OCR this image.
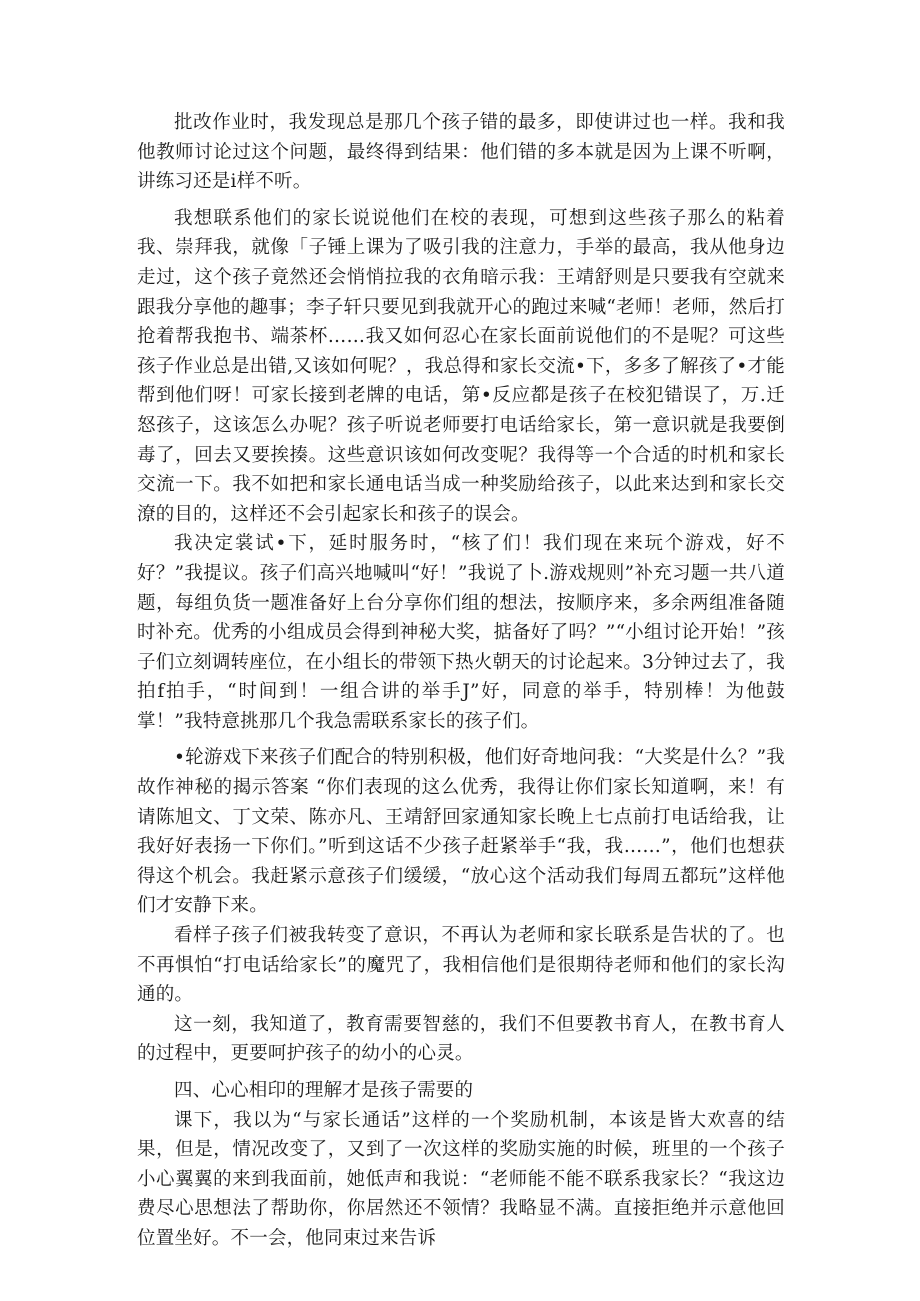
批改作业时，我发现总是那几个孩子错的最多，即使讲过也一样。我和我他教师讨论过这个问题，最终得到结果：他们错的多本就是因为上课不听啊，讲练习还是i样不听。

我想联系他们的家长说说他们在校的表现，可想到这些孩子那么的粘着我、崇拜我，就像「子锤上课为了吸引我的注意力，手举的最高，我从他身边走过，这个孩子竟然还会悄悄拉我的衣角暗示我：王靖舒则是只要我有空就来跟我分享他的趣事；李子轩只要见到我就开心的跑过来喊“老师！老师，然后打抢着帮我抱书、端茶杯……我又如何忍心在家长面前说他们的不是呢？可这些孩子作业总是出错,又该如何呢？，我总得和家长交流•下，多多了解孩了•才能帮到他们呀！可家长接到老牌的电话，第•反应都是孩子在校犯错误了，万.迁怒孩子，这该怎么办呢？孩子听说老师要打电话给家长，第一意识就是我要倒毒了，回去又要挨揍。这些意识该如何改变呢？我得等一个合适的时机和家长交流一下。我不如把和家长通电话当成一种奖励给孩子，以此来达到和家长交潦的目的，这样还不会引起家长和孩子的误会。

我决定裳试•下，延时服务时，“核了们！我们现在来玩个游戏，好不好？”我提议。孩子们高兴地喊叫“好！”我说了卜.游戏规则”补充习题一共八道题，每组负货一题准备好上台分享你们组的想法，按顺序来，多余两组准备随时补充。优秀的小组成员会得到神秘大奖，掂备好了吗？”“小组讨论开始！”孩子们立刻调转座位，在小组长的带领下热火朝天的讨论起来。3分钟过去了，我拍f拍手，“时间到！一组合讲的举手J”好，同意的举手，特别棒！为他鼓掌！”我特意挑那几个我急需联系家长的孩子们。

•轮游戏下来孩子们配合的特别积极，他们好奇地问我：“大奖是什么？”我故作神秘的揭示答案 “你们表现的这么优秀，我得让你们家长知道啊，来！有请陈旭文、丁文荣、陈亦凡、王靖舒回家通知家长晚上七点前打电话给我，让我好好表扬一下你们。”听到这话不少孩子赶紧举手“我，我……”，他们也想获得这个机会。我赶紧示意孩子们缓缓，“放心这个活动我们每周五都玩”这样他们才安静下来。

看样子孩子们被我转变了意识，不再认为老师和家长联系是告状的了。也不再惧怕“打电话给家长”的魔咒了，我相信他们是很期待老师和他们的家长沟通的。

这一刻，我知道了，教育需要智慈的，我们不但要教书育人，在教书育人的过程中，更要呵护孩子的幼小的心灵。

四、心心相印的理解才是孩子需要的

课下，我以为“与家长通话”这样的一个奖励机制，本该是皆大欢喜的结果，但是，情况改变了，又到了一次这样的奖励实施的时候，班里的一个孩子小心翼翼的来到我面前，她低声和我说：“老师能不能不联系我家长？“我这边费尽心思想法了帮助你，你居然还不领情？我略显不满。直接拒绝并示意他回位置坐好。不一会，他同束过来告诉
